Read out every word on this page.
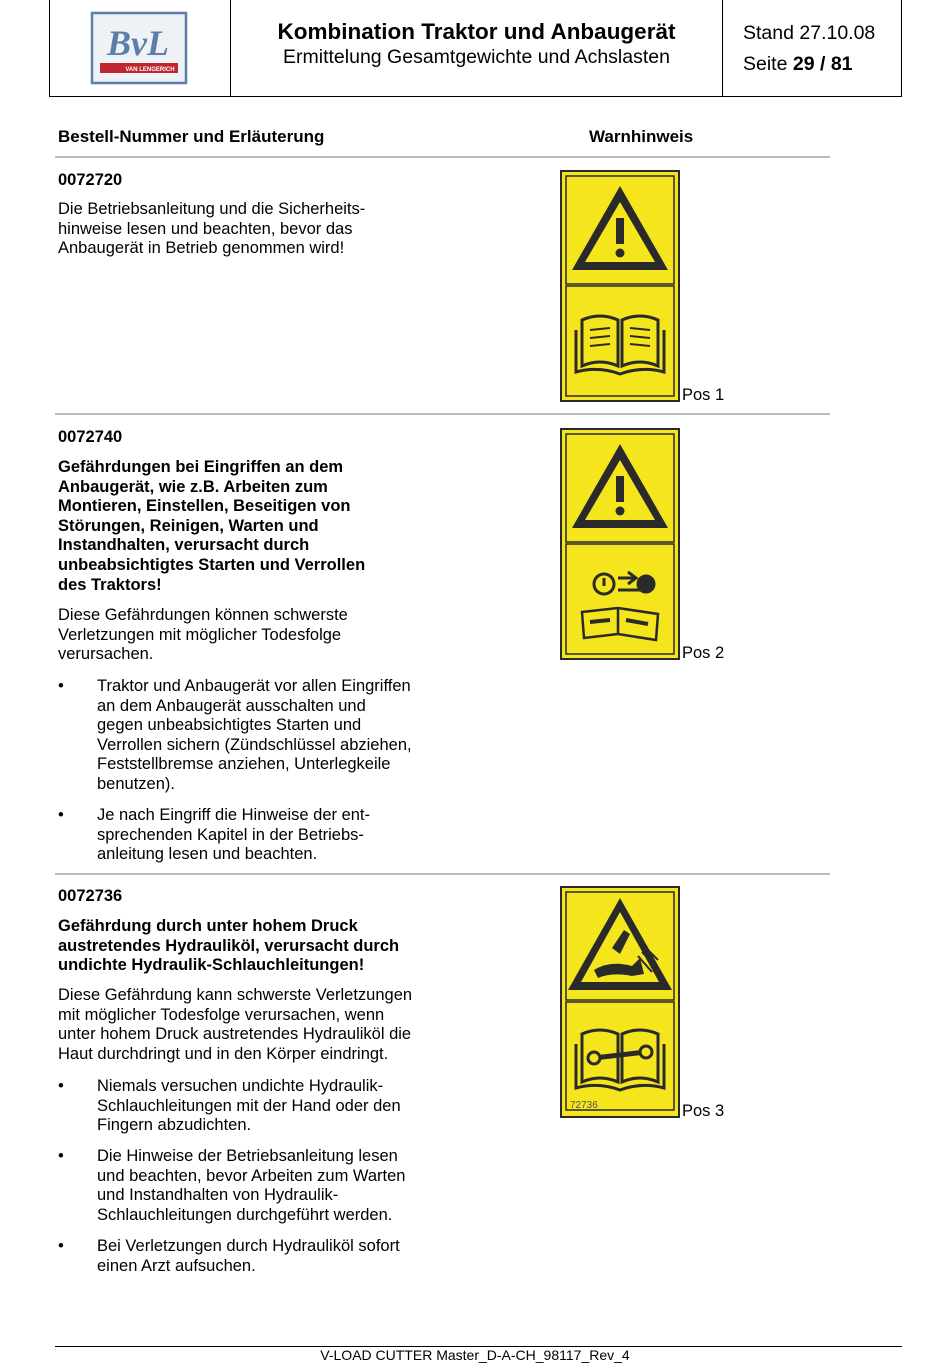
BvL
VAN LENGERICH
Kombination Traktor und Anbaugerät
Ermittelung Gesamtgewichte und Achslasten
Stand 27.10.08
Seite 29 / 81
Bestell-Nummer und Erläuterung	Warnhinweis
0072720
Die Betriebsanleitung und die Sicherheits-
hinweise lesen und beachten, bevor das
Anbaugerät in Betrieb genommen wird!
Pos 1
0072740
Gefährdungen bei Eingriffen an dem
Anbaugerät, wie z.B. Arbeiten zum
Montieren, Einstellen, Beseitigen von
Störungen, Reinigen, Warten und
Instandhalten, verursacht durch
unbeabsichtigtes Starten und Verrollen
des Traktors!
Diese Gefährdungen können schwerste
Verletzungen mit möglicher Todesfolge
verursachen.
• Traktor und Anbaugerät vor allen Eingriffen
an dem Anbaugerät ausschalten und
gegen unbeabsichtigtes Starten und
Verrollen sichern (Zündschlüssel abziehen,
Feststellbremse anziehen, Unterlegkeile
benutzen).
• Je nach Eingriff die Hinweise der ent-
sprechenden Kapitel in der Betriebs-
anleitung lesen und beachten.
Pos 2
0072736
Gefährdung durch unter hohem Druck
austretendes Hydrauliköl, verursacht durch
undichte Hydraulik-Schlauchleitungen!
Diese Gefährdung kann schwerste Verletzungen
mit möglicher Todesfolge verursachen, wenn
unter hohem Druck austretendes Hydrauliköl die
Haut durchdringt und in den Körper eindringt.
• Niemals versuchen undichte Hydraulik-
Schlauchleitungen mit der Hand oder den
Fingern abzudichten.
• Die Hinweise der Betriebsanleitung lesen
und beachten, bevor Arbeiten zum Warten
und Instandhalten von Hydraulik-
Schlauchleitungen durchgeführt werden.
• Bei Verletzungen durch Hydrauliköl sofort
einen Arzt aufsuchen.
72736	Pos 3
V-LOAD CUTTER Master_D-A-CH_98117_Rev_4
